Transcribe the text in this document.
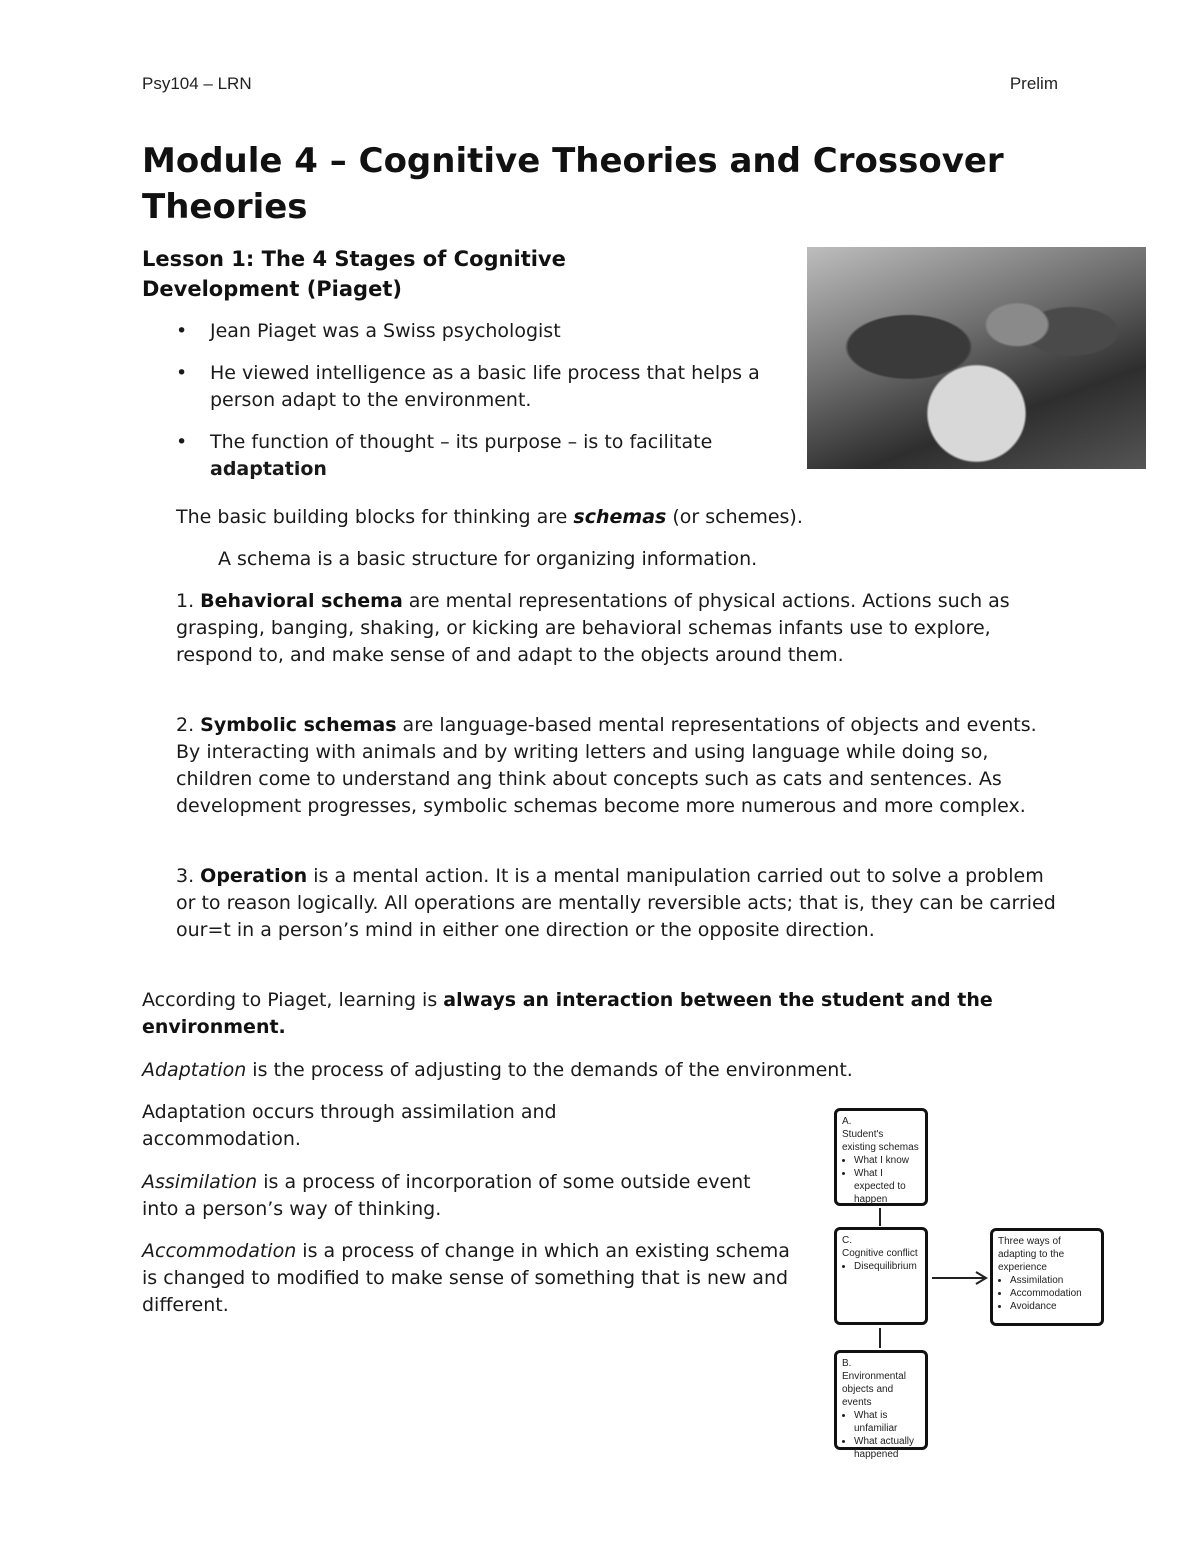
Psy104 – LRN	Prelim
Module 4 – Cognitive Theories and Crossover Theories
Lesson 1: The 4 Stages of Cognitive Development (Piaget)
• Jean Piaget was a Swiss psychologist
• He viewed intelligence as a basic life process that helps a person adapt to the environment.
• The function of thought – its purpose – is to facilitate adaptation

The basic building blocks for thinking are schemas (or schemes).

A schema is a basic structure for organizing information.

1. Behavioral schema are mental representations of physical actions. Actions such as grasping, banging, shaking, or kicking are behavioral schemas infants use to explore, respond to, and make sense of and adapt to the objects around them.

2. Symbolic schemas are language-based mental representations of objects and events. By interacting with animals and by writing letters and using language while doing so, children come to understand ang think about concepts such as cats and sentences. As development progresses, symbolic schemas become more numerous and more complex.

3. Operation is a mental action. It is a mental manipulation carried out to solve a problem or to reason logically. All operations are mentally reversible acts; that is, they can be carried our=t in a person’s mind in either one direction or the opposite direction.

According to Piaget, learning is always an interaction between the student and the environment.

Adaptation is the process of adjusting to the demands of the environment.

Adaptation occurs through assimilation and accommodation.

Assimilation is a process of incorporation of some outside event into a person’s way of thinking.

Accommodation is a process of change in which an existing schema is changed to modified to make sense of something that is new and different.

A.
Student's existing schemas
• What I know
• What I expected to happen
C.
Cognitive conflict
• Disequilibrium
Three ways of adapting to the experience
• Assimilation
• Accommodation
• Avoidance
B.
Environmental objects and events
• What is unfamiliar
• What actually happened
